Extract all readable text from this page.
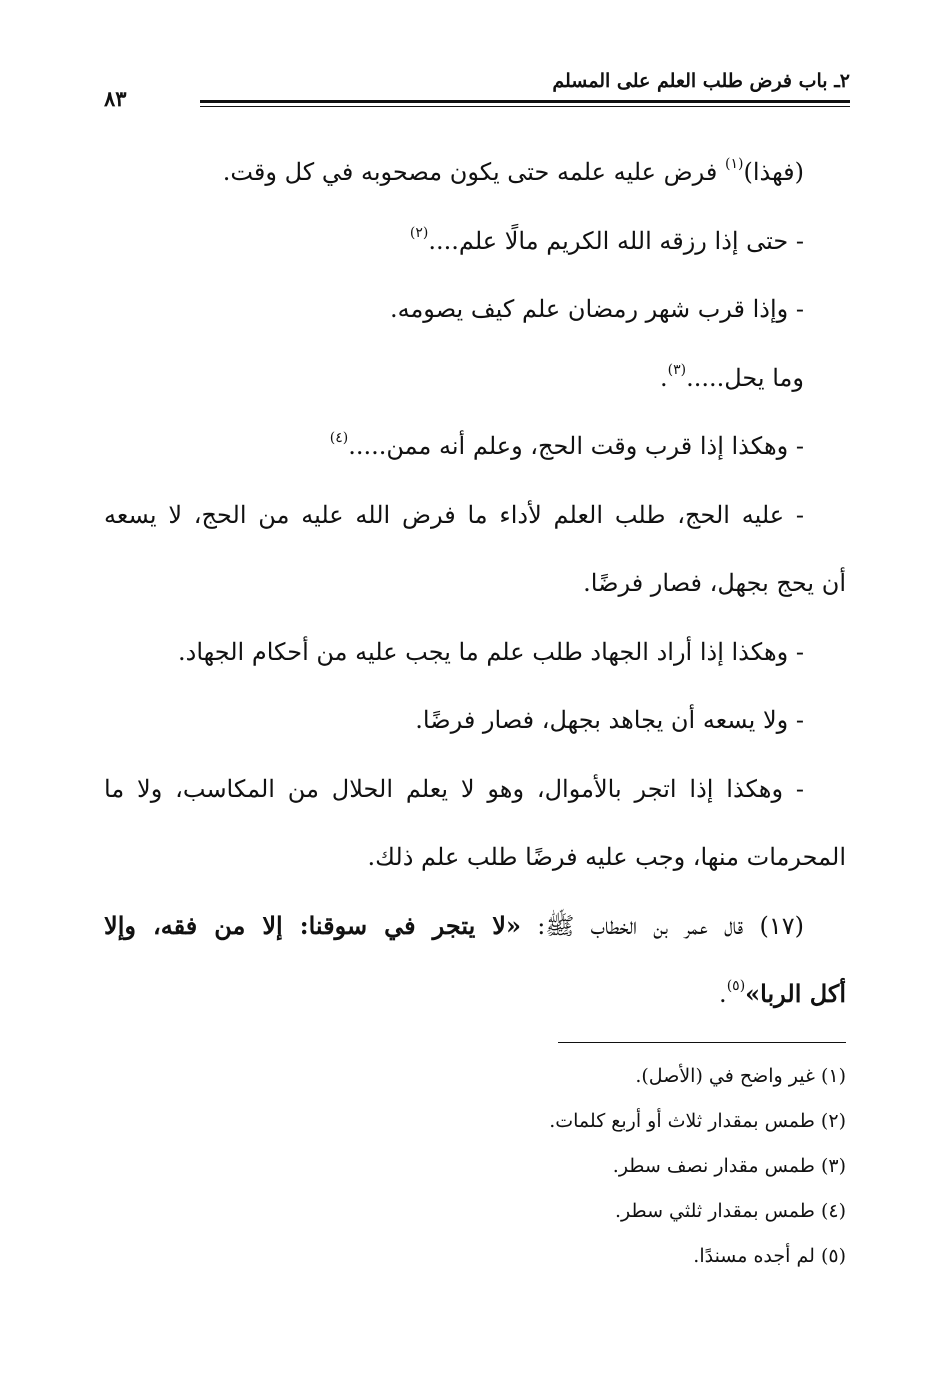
٢ـ باب فرض طلب العلم على المسلم
٨٣
(فهذا)$^{(١)}$ فرض عليه علمه حتى يكون مصحوبه في كل وقت.
- حتى إذا رزقه الله الكريم مالًا علم....$^{(٢)}$
- وإذا قرب شهر رمضان علم كيف يصومه.
وما يحل.....$^{(٣)}$.
- وهكذا إذا قرب وقت الحج، وعلم أنه ممن.....$^{(٤)}$
- عليه الحج، طلب العلم لأداء ما فرض الله عليه من الحج، لا يسعه
أن يحج بجهل، فصار فرضًا.
- وهكذا إذا أراد الجهاد طلب علم ما يجب عليه من أحكام الجهاد.
- ولا يسعه أن يجاهد بجهل، فصار فرضًا.
- وهكذا إذا اتجر بالأموال، وهو لا يعلم الحلال من المكاسب، ولا ما
المحرمات منها، وجب عليه فرضًا طلب علم ذلك.
(١٧) قال عمر بن الخطاب ﷺ: «لا يتجر في سوقنا: إلا من فقه، وإلا
أكل الربا»$^{(٥)}$.
(١) غير واضح في (الأصل).
(٢) طمس بمقدار ثلاث أو أربع كلمات.
(٣) طمس مقدار نصف سطر.
(٤) طمس بمقدار ثلثي سطر.
(٥) لم أجده مسندًا.
